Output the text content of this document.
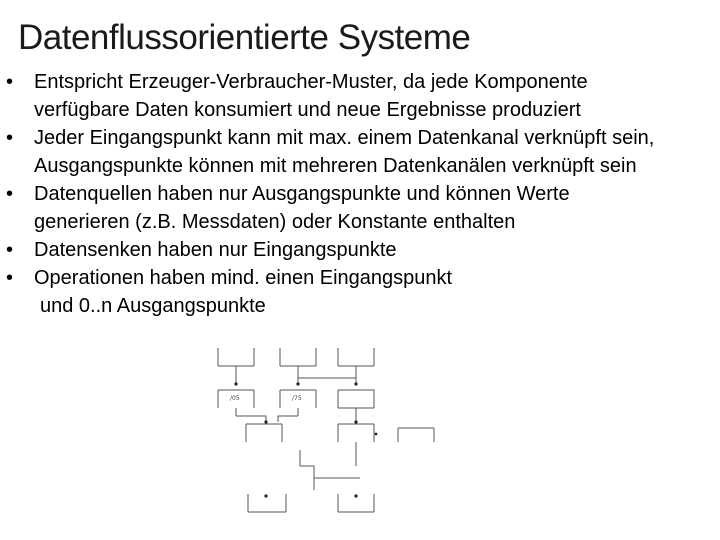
Datenflussorientierte Systeme
• Entspricht Erzeuger-Verbraucher-Muster, da jede Komponente
verfügbare Daten konsumiert und neue Ergebnisse produziert
• Jeder Eingangspunkt kann mit max. einem Datenkanal verknüpft sein,
Ausgangspunkte können mit mehreren Datenkanälen verknüpft sein
• Datenquellen haben nur Ausgangspunkte und können Werte
generieren (z.B. Messdaten) oder Konstante enthalten
• Datensenken haben nur Eingangspunkte
• Operationen haben mind. einen Eingangspunkt
und 0..n Ausgangspunkte
/05	/75
